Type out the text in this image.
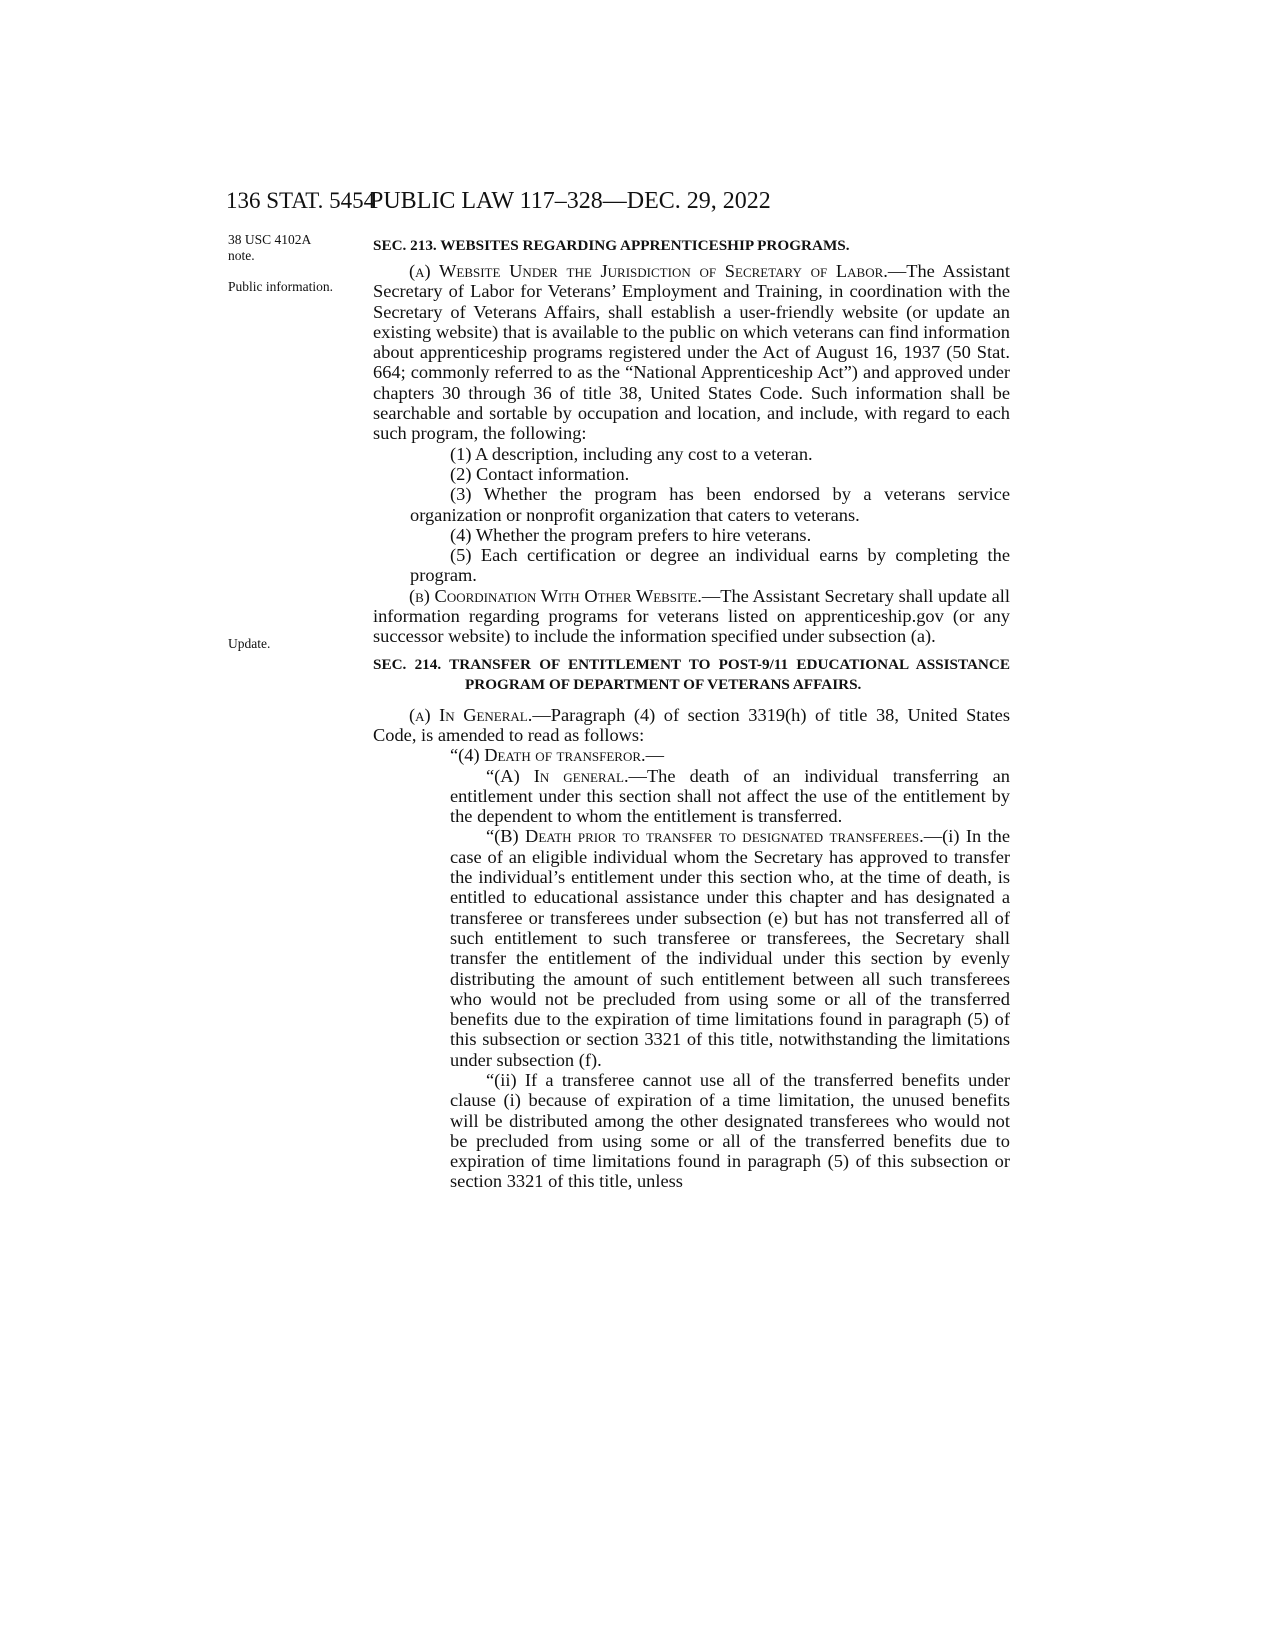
136 STAT. 5454
PUBLIC LAW 117–328—DEC. 29, 2022
38 USC 4102A note.
Public information.
Update.

SEC. 213. WEBSITES REGARDING APPRENTICESHIP PROGRAMS.

(a) Website Under the Jurisdiction of Secretary of Labor.—The Assistant Secretary of Labor for Veterans’ Employment and Training, in coordination with the Secretary of Veterans Affairs, shall establish a user-friendly website (or update an existing website) that is available to the public on which veterans can find information about apprenticeship programs registered under the Act of August 16, 1937 (50 Stat. 664; commonly referred to as the “National Apprenticeship Act”) and approved under chapters 30 through 36 of title 38, United States Code. Such information shall be searchable and sortable by occupation and location, and include, with regard to each such program, the following:

(1) A description, including any cost to a veteran.

(2) Contact information.

(3) Whether the program has been endorsed by a veterans service organization or nonprofit organization that caters to veterans.

(4) Whether the program prefers to hire veterans.

(5) Each certification or degree an individual earns by completing the program.

(b) Coordination With Other Website.—The Assistant Secretary shall update all information regarding programs for veterans listed on apprenticeship.gov (or any successor website) to include the information specified under subsection (a).

SEC. 214. TRANSFER OF ENTITLEMENT TO POST-9/11 EDUCATIONAL ASSISTANCE PROGRAM OF DEPARTMENT OF VETERANS AFFAIRS.

(a) In General.—Paragraph (4) of section 3319(h) of title 38, United States Code, is amended to read as follows:

“(4) Death of transferor.—

“(A) In general.—The death of an individual transferring an entitlement under this section shall not affect the use of the entitlement by the dependent to whom the entitlement is transferred.

“(B) Death prior to transfer to designated transferees.—(i) In the case of an eligible individual whom the Secretary has approved to transfer the individual’s entitlement under this section who, at the time of death, is entitled to educational assistance under this chapter and has designated a transferee or transferees under subsection (e) but has not transferred all of such entitlement to such transferee or transferees, the Secretary shall transfer the entitlement of the individual under this section by evenly distributing the amount of such entitlement between all such transferees who would not be precluded from using some or all of the transferred benefits due to the expiration of time limitations found in paragraph (5) of this subsection or section 3321 of this title, notwithstanding the limitations under subsection (f).

“(ii) If a transferee cannot use all of the transferred benefits under clause (i) because of expiration of a time limitation, the unused benefits will be distributed among the other designated transferees who would not be precluded from using some or all of the transferred benefits due to expiration of time limitations found in paragraph (5) of this subsection or section 3321 of this title, unless
